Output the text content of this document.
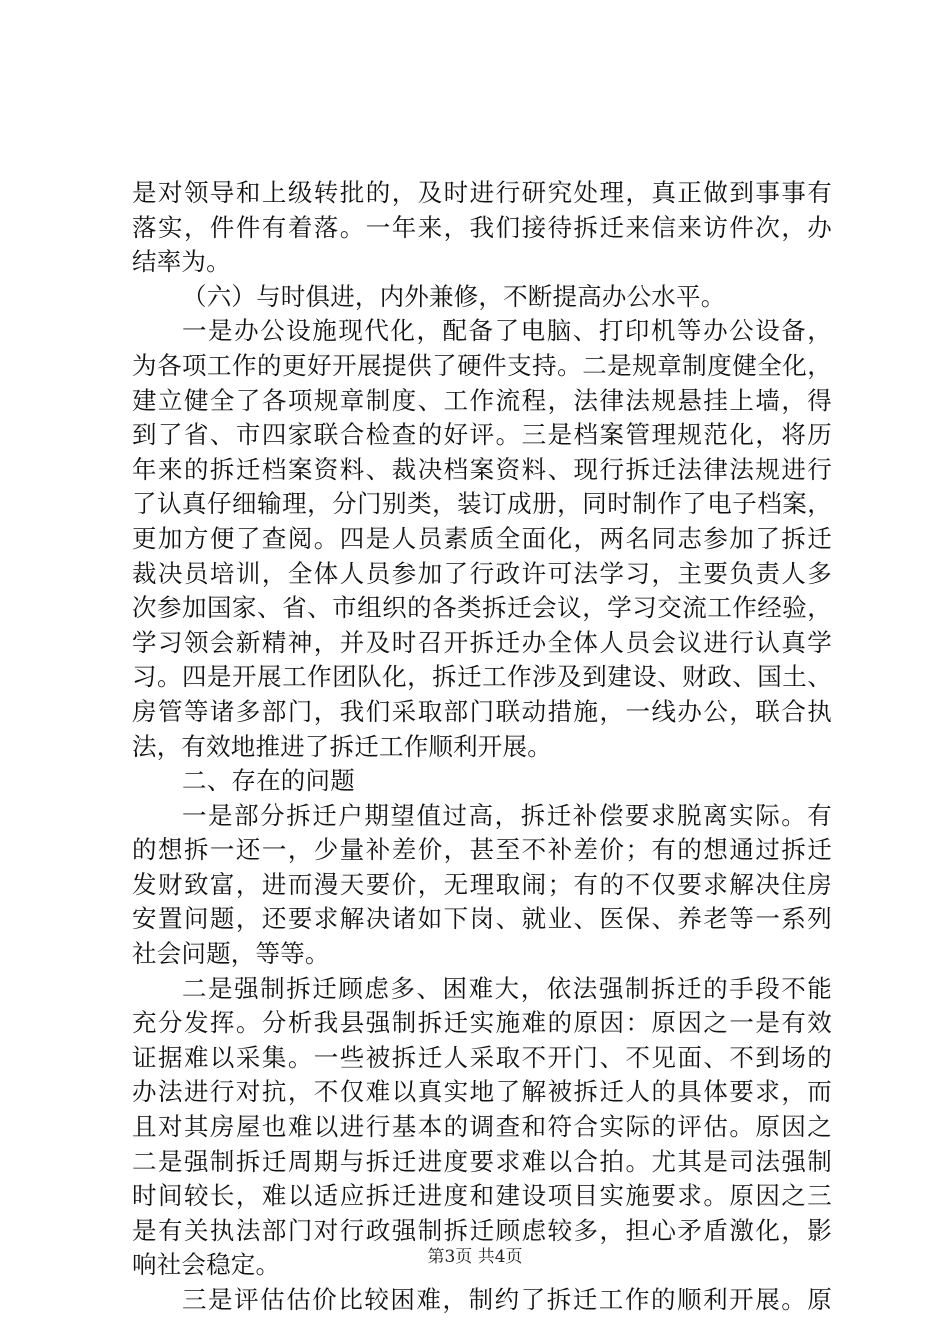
是对领导和上级转批的，及时进行研究处理，真正做到事事有
落实，件件有着落。一年来，我们接待拆迁来信来访件次，办
结率为。
（六）与时俱进，内外兼修，不断提高办公水平。
一是办公设施现代化，配备了电脑、打印机等办公设备，
为各项工作的更好开展提供了硬件支持。二是规章制度健全化，
建立健全了各项规章制度、工作流程，法律法规悬挂上墙，得
到了省、市四家联合检查的好评。三是档案管理规范化，将历
年来的拆迁档案资料、裁决档案资料、现行拆迁法律法规进行
了认真仔细输理，分门别类，装订成册，同时制作了电子档案，
更加方便了查阅。四是人员素质全面化，两名同志参加了拆迁
裁决员培训，全体人员参加了行政许可法学习，主要负责人多
次参加国家、省、市组织的各类拆迁会议，学习交流工作经验，
学习领会新精神，并及时召开拆迁办全体人员会议进行认真学
习。四是开展工作团队化，拆迁工作涉及到建设、财政、国土、
房管等诸多部门，我们采取部门联动措施，一线办公，联合执
法，有效地推进了拆迁工作顺利开展。
二、存在的问题
一是部分拆迁户期望值过高，拆迁补偿要求脱离实际。有
的想拆一还一，少量补差价，甚至不补差价；有的想通过拆迁
发财致富，进而漫天要价，无理取闹；有的不仅要求解决住房
安置问题，还要求解决诸如下岗、就业、医保、养老等一系列
社会问题，等等。
二是强制拆迁顾虑多、困难大，依法强制拆迁的手段不能
充分发挥。分析我县强制拆迁实施难的原因：原因之一是有效
证据难以采集。一些被拆迁人采取不开门、不见面、不到场的
办法进行对抗，不仅难以真实地了解被拆迁人的具体要求，而
且对其房屋也难以进行基本的调查和符合实际的评估。原因之
二是强制拆迁周期与拆迁进度要求难以合拍。尤其是司法强制
时间较长，难以适应拆迁进度和建设项目实施要求。原因之三
是有关执法部门对行政强制拆迁顾虑较多，担心矛盾激化，影
响社会稳定。
三是评估估价比较困难，制约了拆迁工作的顺利开展。原
第3页 共4页
